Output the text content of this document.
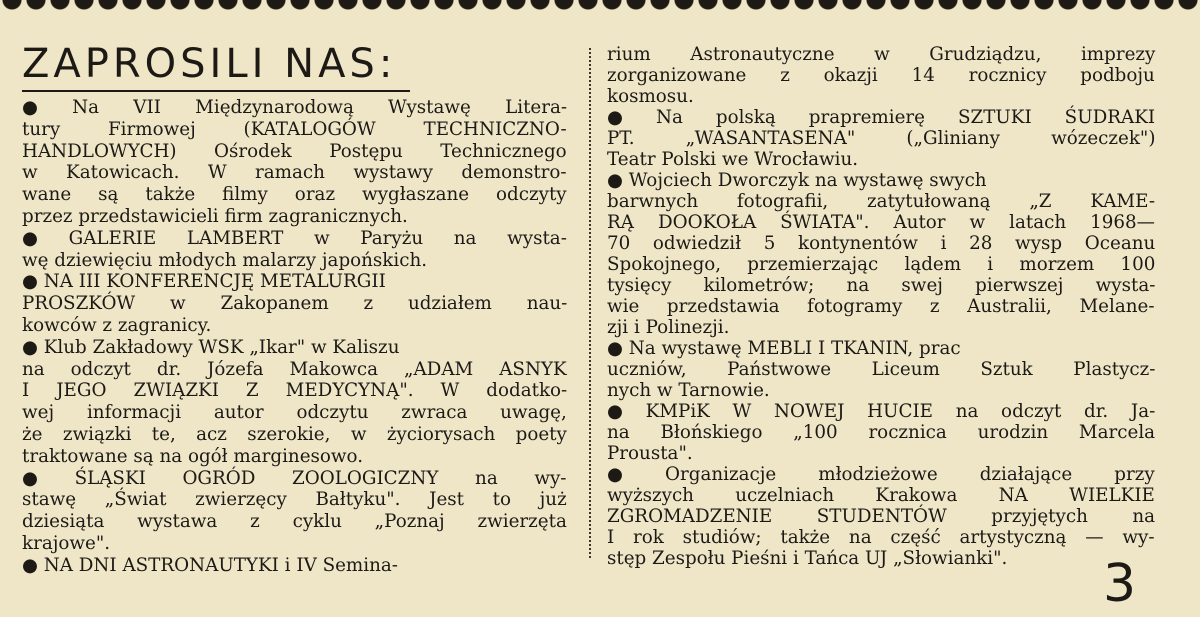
ZAPROSILI NAS:
● Na VII Międzynarodową Wystawę Litera-
tury Firmowej (KATALOGÓW TECHNICZNO-
HANDLOWYCH) Ośrodek Postępu Technicznego
w Katowicach. W ramach wystawy demonstro-
wane są także filmy oraz wygłaszane odczyty
przez przedstawicieli firm zagranicznych.
● GALERIE LAMBERT w Paryżu na wysta-
wę dziewięciu młodych malarzy japońskich.
● NA III KONFERENCJĘ METALURGII
PROSZKÓW w Zakopanem z udziałem nau-
kowców z zagranicy.
● Klub Zakładowy WSK „Ikar" w Kaliszu
na odczyt dr. Józefa Makowca „ADAM ASNYK
I JEGO ZWIĄZKI Z MEDYCYNĄ". W dodatko-
wej informacji autor odczytu zwraca uwagę,
że związki te, acz szerokie, w życiorysach poety
traktowane są na ogół marginesowo.
● ŚLĄSKI OGRÓD ZOOLOGICZNY na wy-
stawę „Świat zwierzęcy Bałtyku". Jest to już
dziesiąta wystawa z cyklu „Poznaj zwierzęta
krajowe".
● NA DNI ASTRONAUTYKI i IV Semina-
rium Astronautyczne w Grudziądzu, imprezy
zorganizowane z okazji 14 rocznicy podboju
kosmosu.
● Na polską prapremierę SZTUKI ŚUDRAKI
PT. „WASANTASENA" („Gliniany wózeczek")
Teatr Polski we Wrocławiu.
● Wojciech Dworczyk na wystawę swych
barwnych fotografii, zatytułowaną „Z KAME-
RĄ DOOKOŁA ŚWIATA". Autor w latach 1968—
70 odwiedził 5 kontynentów i 28 wysp Oceanu
Spokojnego, przemierzając lądem i morzem 100
tysięcy kilometrów; na swej pierwszej wysta-
wie przedstawia fotogramy z Australii, Melane-
zji i Polinezji.
● Na wystawę MEBLI I TKANIN, prac
uczniów, Państwowe Liceum Sztuk Plastycz-
nych w Tarnowie.
● KMPiK W NOWEJ HUCIE na odczyt dr. Ja-
na Błońskiego „100 rocznica urodzin Marcela
Prousta".
● Organizacje młodzieżowe działające przy
wyższych uczelniach Krakowa NA WIELKIE
ZGROMADZENIE STUDENTÓW przyjętych na
I rok studiów; także na część artystyczną — wy-
stęp Zespołu Pieśni i Tańca UJ „Słowianki". 3
